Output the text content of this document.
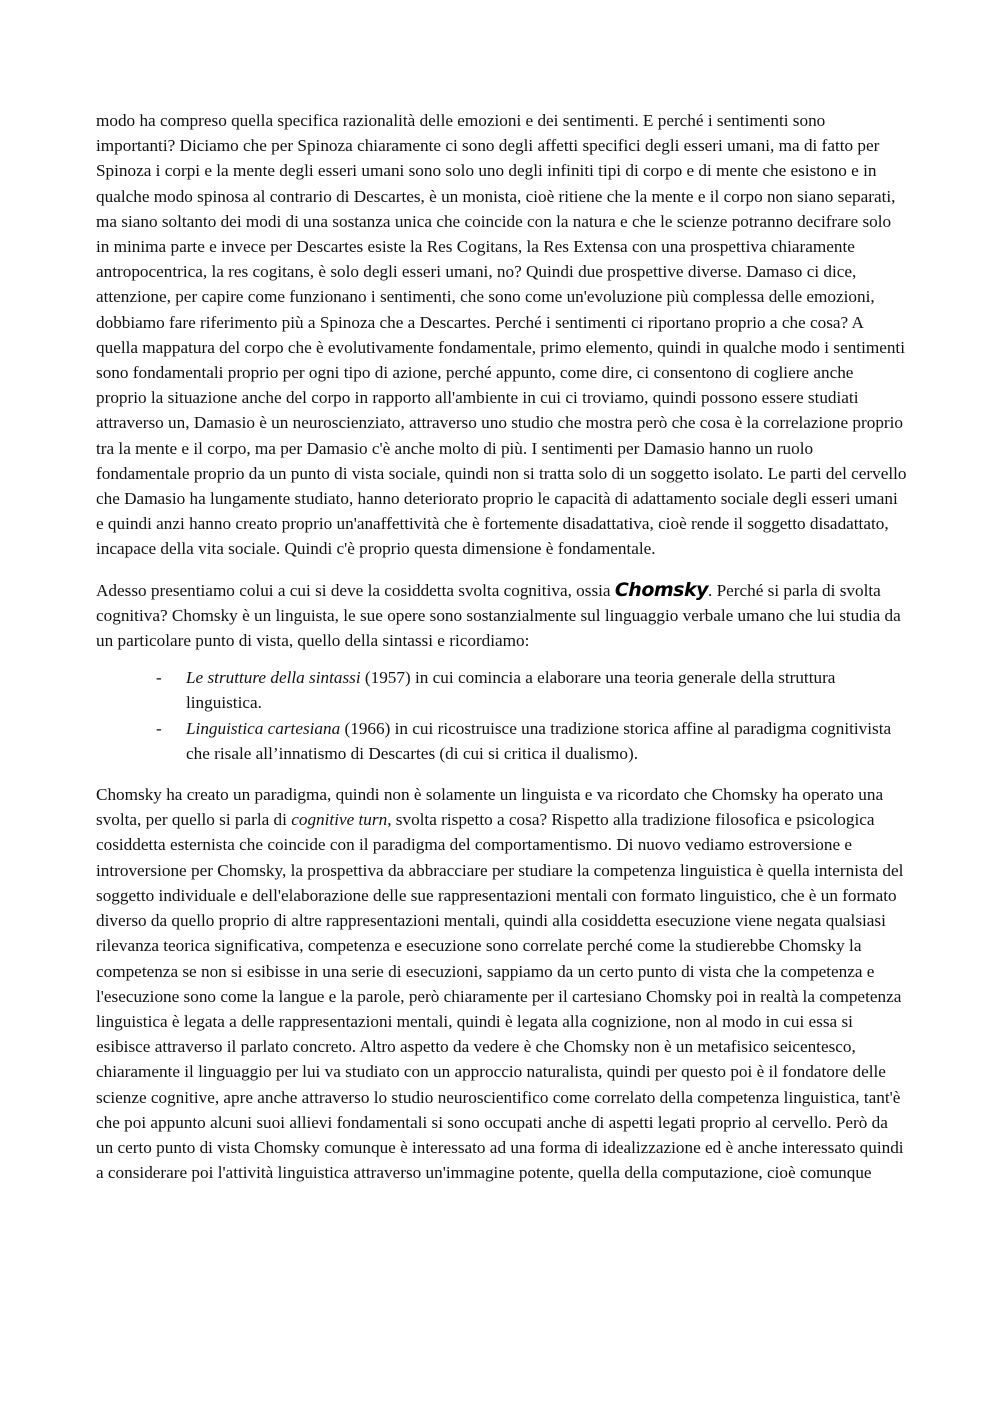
modo ha compreso quella specifica razionalità delle emozioni e dei sentimenti. E perché i sentimenti sono importanti? Diciamo che per Spinoza chiaramente ci sono degli affetti specifici degli esseri umani, ma di fatto per Spinoza i corpi e la mente degli esseri umani sono solo uno degli infiniti tipi di corpo e di mente che esistono e in qualche modo spinosa al contrario di Descartes, è un monista, cioè ritiene che la mente e il corpo non siano separati, ma siano soltanto dei modi di una sostanza unica che coincide con la natura e che le scienze potranno decifrare solo in minima parte e invece per Descartes esiste la Res Cogitans, la Res Extensa con una prospettiva chiaramente antropocentrica, la res cogitans, è solo degli esseri umani, no? Quindi due prospettive diverse. Damaso ci dice, attenzione, per capire come funzionano i sentimenti, che sono come un'evoluzione più complessa delle emozioni, dobbiamo fare riferimento più a Spinoza che a Descartes. Perché i sentimenti ci riportano proprio a che cosa? A quella mappatura del corpo che è evolutivamente fondamentale, primo elemento, quindi in qualche modo i sentimenti sono fondamentali proprio per ogni tipo di azione, perché appunto, come dire, ci consentono di cogliere anche proprio la situazione anche del corpo in rapporto all'ambiente in cui ci troviamo, quindi possono essere studiati attraverso un, Damasio è un neuroscienziato, attraverso uno studio che mostra però che cosa è la correlazione proprio tra la mente e il corpo, ma per Damasio c'è anche molto di più. I sentimenti per Damasio hanno un ruolo fondamentale proprio da un punto di vista sociale, quindi non si tratta solo di un soggetto isolato. Le parti del cervello che Damasio ha lungamente studiato, hanno deteriorato proprio le capacità di adattamento sociale degli esseri umani e quindi anzi hanno creato proprio un'anaffettività che è fortemente disadattativa, cioè rende il soggetto disadattato, incapace della vita sociale. Quindi c'è proprio questa dimensione è fondamentale.

Adesso presentiamo colui a cui si deve la cosiddetta svolta cognitiva, ossia Chomsky. Perché si parla di svolta cognitiva? Chomsky è un linguista, le sue opere sono sostanzialmente sul linguaggio verbale umano che lui studia da un particolare punto di vista, quello della sintassi e ricordiamo:

- Le strutture della sintassi (1957) in cui comincia a elaborare una teoria generale della struttura linguistica.
- Linguistica cartesiana (1966) in cui ricostruisce una tradizione storica affine al paradigma cognitivista che risale all’innatismo di Descartes (di cui si critica il dualismo).

Chomsky ha creato un paradigma, quindi non è solamente un linguista e va ricordato che Chomsky ha operato una svolta, per quello si parla di cognitive turn, svolta rispetto a cosa? Rispetto alla tradizione filosofica e psicologica cosiddetta esternista che coincide con il paradigma del comportamentismo. Di nuovo vediamo estroversione e introversione per Chomsky, la prospettiva da abbracciare per studiare la competenza linguistica è quella internista del soggetto individuale e dell'elaborazione delle sue rappresentazioni mentali con formato linguistico, che è un formato diverso da quello proprio di altre rappresentazioni mentali, quindi alla cosiddetta esecuzione viene negata qualsiasi rilevanza teorica significativa, competenza e esecuzione sono correlate perché come la studierebbe Chomsky la competenza se non si esibisse in una serie di esecuzioni, sappiamo da un certo punto di vista che la competenza e l'esecuzione sono come la langue e la parole, però chiaramente per il cartesiano Chomsky poi in realtà la competenza linguistica è legata a delle rappresentazioni mentali, quindi è legata alla cognizione, non al modo in cui essa si esibisce attraverso il parlato concreto. Altro aspetto da vedere è che Chomsky non è un metafisico seicentesco, chiaramente il linguaggio per lui va studiato con un approccio naturalista, quindi per questo poi è il fondatore delle scienze cognitive, apre anche attraverso lo studio neuroscientifico come correlato della competenza linguistica, tant'è che poi appunto alcuni suoi allievi fondamentali si sono occupati anche di aspetti legati proprio al cervello. Però da un certo punto di vista Chomsky comunque è interessato ad una forma di idealizzazione ed è anche interessato quindi a considerare poi l'attività linguistica attraverso un'immagine potente, quella della computazione, cioè comunque
